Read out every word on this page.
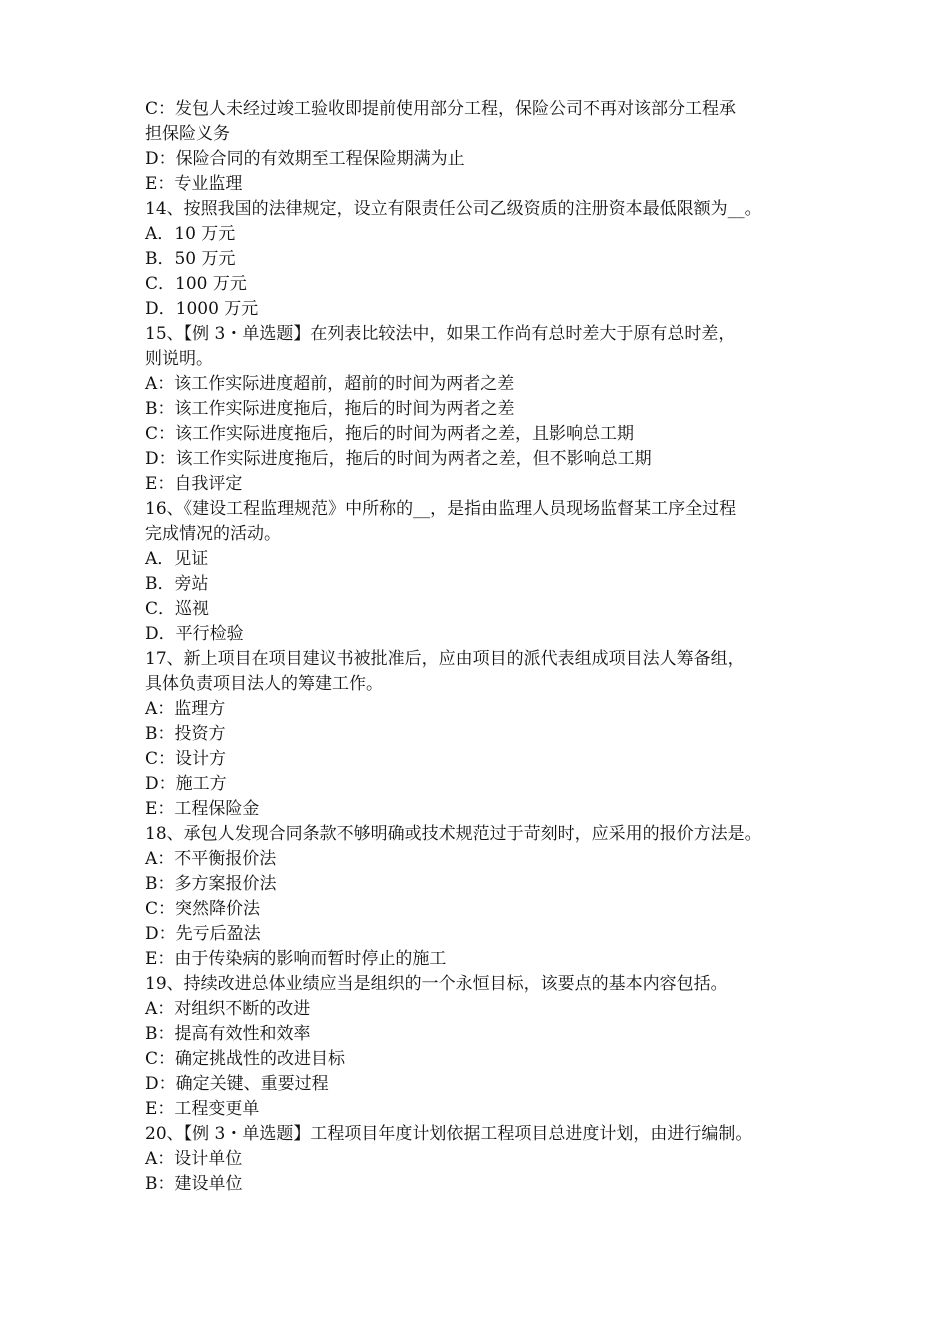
C：发包人未经过竣工验收即提前使用部分工程，保险公司不再对该部分工程承
担保险义务
D：保险合同的有效期至工程保险期满为止
E：专业监理
14、按照我国的法律规定，设立有限责任公司乙级资质的注册资本最低限额为__。
A．10 万元
B．50 万元
C．100 万元
D．1000 万元
15、【例 3・单选题】在列表比较法中，如果工作尚有总时差大于原有总时差，
则说明。
A：该工作实际进度超前，超前的时间为两者之差
B：该工作实际进度拖后，拖后的时间为两者之差
C：该工作实际进度拖后，拖后的时间为两者之差，且影响总工期
D：该工作实际进度拖后，拖后的时间为两者之差，但不影响总工期
E：自我评定
16、《建设工程监理规范》中所称的__，是指由监理人员现场监督某工序全过程
完成情况的活动。
A．见证
B．旁站
C．巡视
D．平行检验
17、新上项目在项目建议书被批准后，应由项目的派代表组成项目法人筹备组，
具体负责项目法人的筹建工作。
A：监理方
B：投资方
C：设计方
D：施工方
E：工程保险金
18、承包人发现合同条款不够明确或技术规范过于苛刻时，应采用的报价方法是。
A：不平衡报价法
B：多方案报价法
C：突然降价法
D：先亏后盈法
E：由于传染病的影响而暂时停止的施工
19、持续改进总体业绩应当是组织的一个永恒目标，该要点的基本内容包括。
A：对组织不断的改进
B：提高有效性和效率
C：确定挑战性的改进目标
D：确定关键、重要过程
E：工程变更单
20、【例 3・单选题】工程项目年度计划依据工程项目总进度计划，由进行编制。
A：设计单位
B：建设单位
